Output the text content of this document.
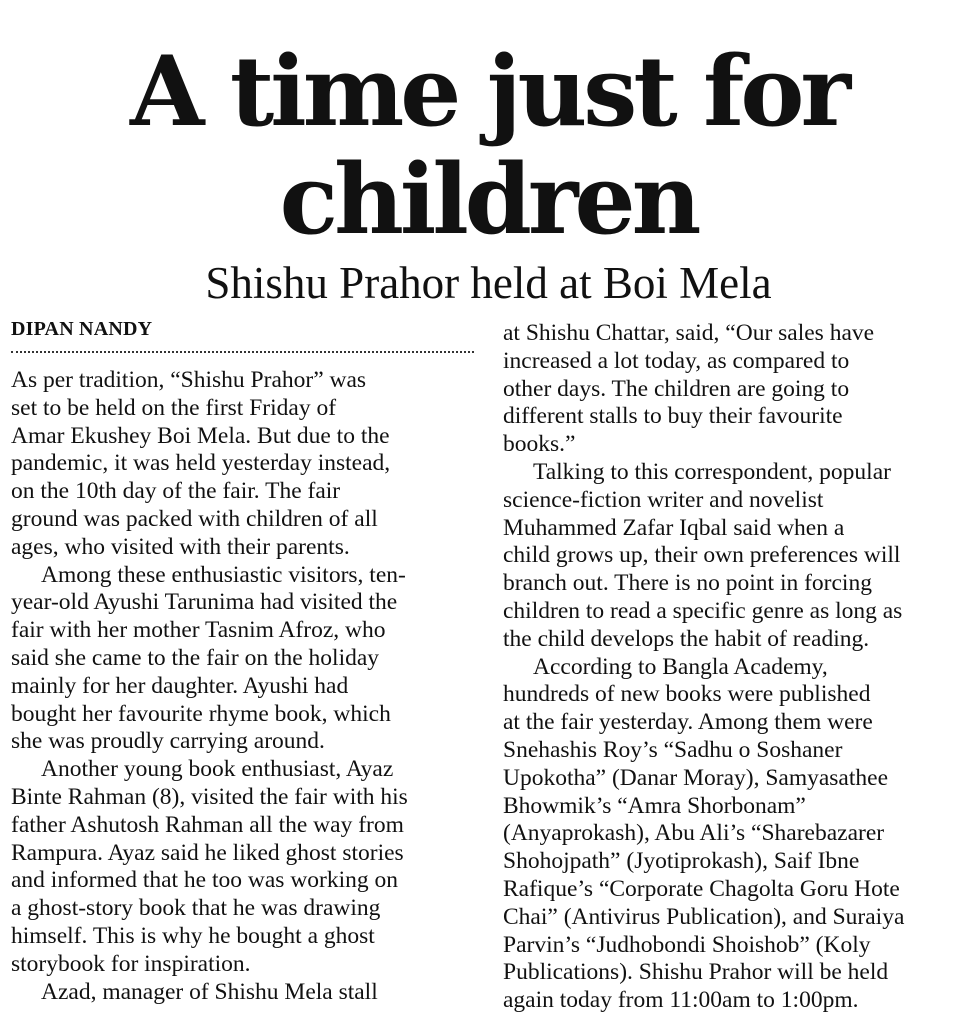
A time just for
children
Shishu Prahor held at Boi Mela
DIPAN NANDY
As per tradition, “Shishu Prahor” was
set to be held on the first Friday of
Amar Ekushey Boi Mela. But due to the
pandemic, it was held yesterday instead,
on the 10th day of the fair. The fair
ground was packed with children of all
ages, who visited with their parents.
Among these enthusiastic visitors, ten-
year-old Ayushi Tarunima had visited the
fair with her mother Tasnim Afroz, who
said she came to the fair on the holiday
mainly for her daughter. Ayushi had
bought her favourite rhyme book, which
she was proudly carrying around.
Another young book enthusiast, Ayaz
Binte Rahman (8), visited the fair with his
father Ashutosh Rahman all the way from
Rampura. Ayaz said he liked ghost stories
and informed that he too was working on
a ghost-story book that he was drawing
himself. This is why he bought a ghost
storybook for inspiration.
Azad, manager of Shishu Mela stall
at Shishu Chattar, said, “Our sales have
increased a lot today, as compared to
other days. The children are going to
different stalls to buy their favourite
books.”
Talking to this correspondent, popular
science-fiction writer and novelist
Muhammed Zafar Iqbal said when a
child grows up, their own preferences will
branch out. There is no point in forcing
children to read a specific genre as long as
the child develops the habit of reading.
According to Bangla Academy,
hundreds of new books were published
at the fair yesterday. Among them were
Snehashis Roy’s “Sadhu o Soshaner
Upokotha” (Danar Moray), Samyasathee
Bhowmik’s “Amra Shorbonam”
(Anyaprokash), Abu Ali’s “Sharebazarer
Shohojpath” (Jyotiprokash), Saif Ibne
Rafique’s “Corporate Chagolta Goru Hote
Chai” (Antivirus Publication), and Suraiya
Parvin’s “Judhobondi Shoishob” (Koly
Publications). Shishu Prahor will be held
again today from 11:00am to 1:00pm.
